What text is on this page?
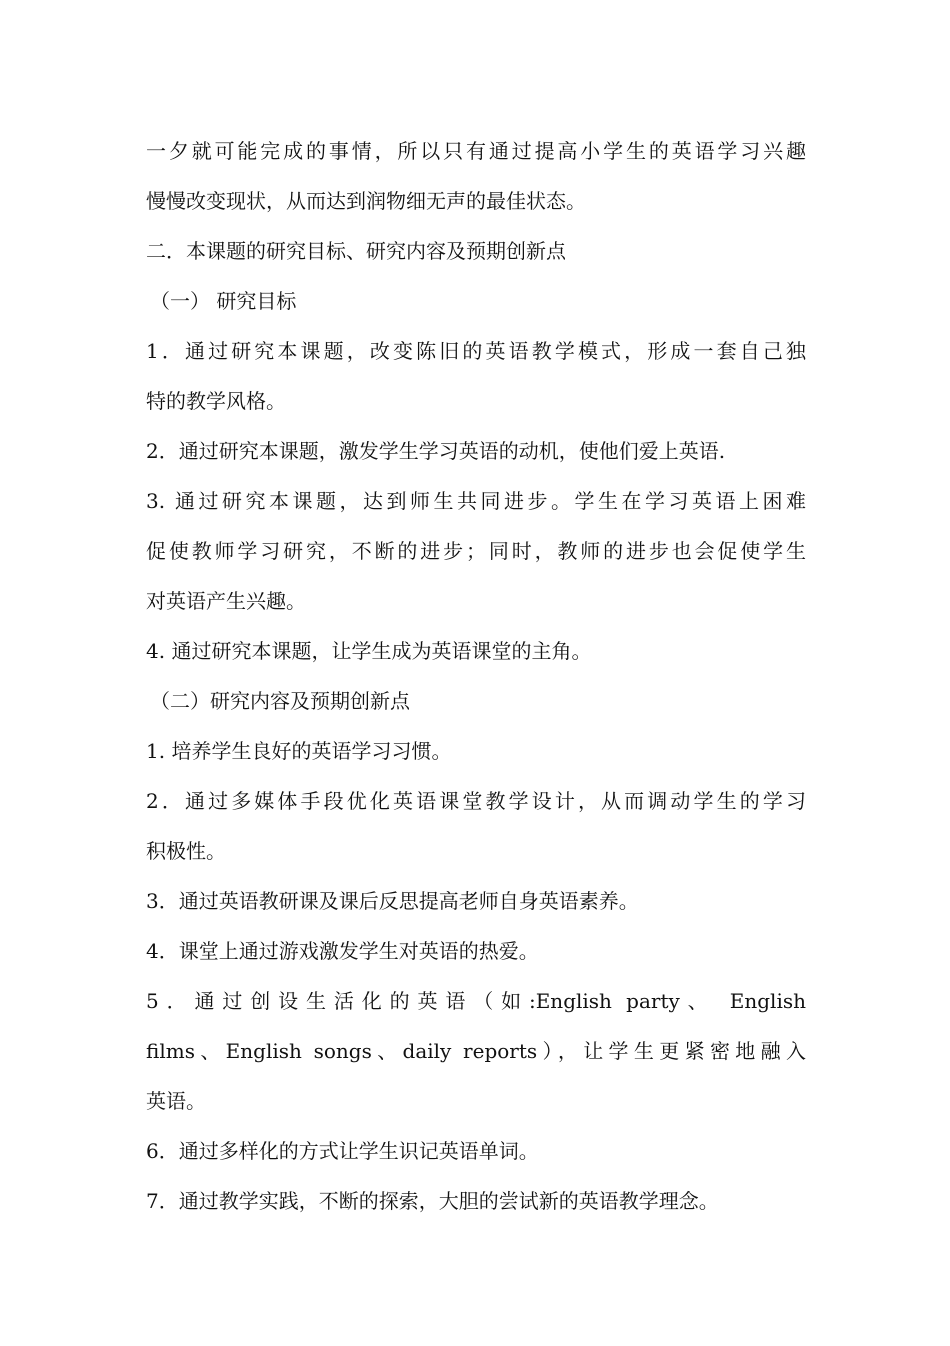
一夕就可能完成的事情，所以只有通过提高小学生的英语学习兴趣
慢慢改变现状，从而达到润物细无声的最佳状态。
二．本课题的研究目标、研究内容及预期创新点
（一） 研究目标
1．通过研究本课题，改变陈旧的英语教学模式，形成一套自己独
特的教学风格。
2．通过研究本课题，激发学生学习英语的动机，使他们爱上英语.
3. 通过研究本课题，达到师生共同进步。学生在学习英语上困难
促使教师学习研究，不断的进步；同时，教师的进步也会促使学生
对英语产生兴趣。
4. 通过研究本课题，让学生成为英语课堂的主角。
（二）研究内容及预期创新点
1. 培养学生良好的英语学习习惯。
2．通过多媒体手段优化英语课堂教学设计，从而调动学生的学习
积极性。
3．通过英语教研课及课后反思提高老师自身英语素养。
4．课堂上通过游戏激发学生对英语的热爱。
5．通过创设生活化的英语（如:English party、 English
films、English songs、daily reports），让学生更紧密地融入
英语。
6．通过多样化的方式让学生识记英语单词。
7．通过教学实践，不断的探索，大胆的尝试新的英语教学理念。
